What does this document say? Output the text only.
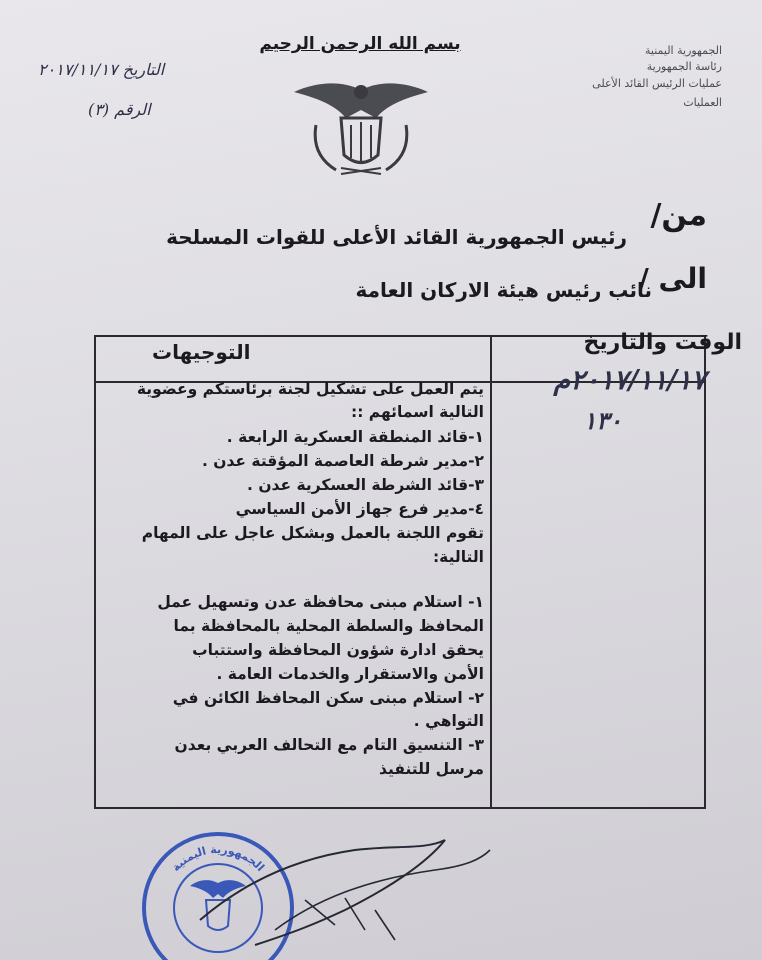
بسم الله الرحمن الرحيم	الجمهورية اليمنية
رئاسة الجمهورية
عمليات الرئيس القائد الأعلى
العمليات
التاريخ ٢٠١٧/١١/١٧
الرقم (٣)
من/
رئيس الجمهورية القائد الأعلى للقوات المسلحة
الى /
نائب رئيس هيئة الاركان العامة
الوقت والتاريخ
التوجيهات
٢٠١٧/١١/١٧م
١٣٠
يتم العمل على تشكيل لجنة برئاستكم وعضوية
التالية اسمائهم ::
١-قائد المنطقة العسكرية الرابعة .
٢-مدير شرطة العاصمة المؤقتة عدن .
٣-قائد الشرطة العسكرية عدن .
٤-مدير فرع جهاز الأمن السياسي
تقوم اللجنة بالعمل وبشكل عاجل على المهام
التالية:
١- استلام مبنى محافظة عدن وتسهيل عمل
المحافظ والسلطة المحلية بالمحافظة بما
يحقق ادارة شؤون المحافظة واستتباب
الأمن والاستقرار والخدمات العامة .
٢- استلام مبنى سكن المحافظ الكائن في
التواهي .
٣- التنسيق التام مع التحالف العربي بعدن
مرسل للتنفيذ
الجمهورية اليمنية
